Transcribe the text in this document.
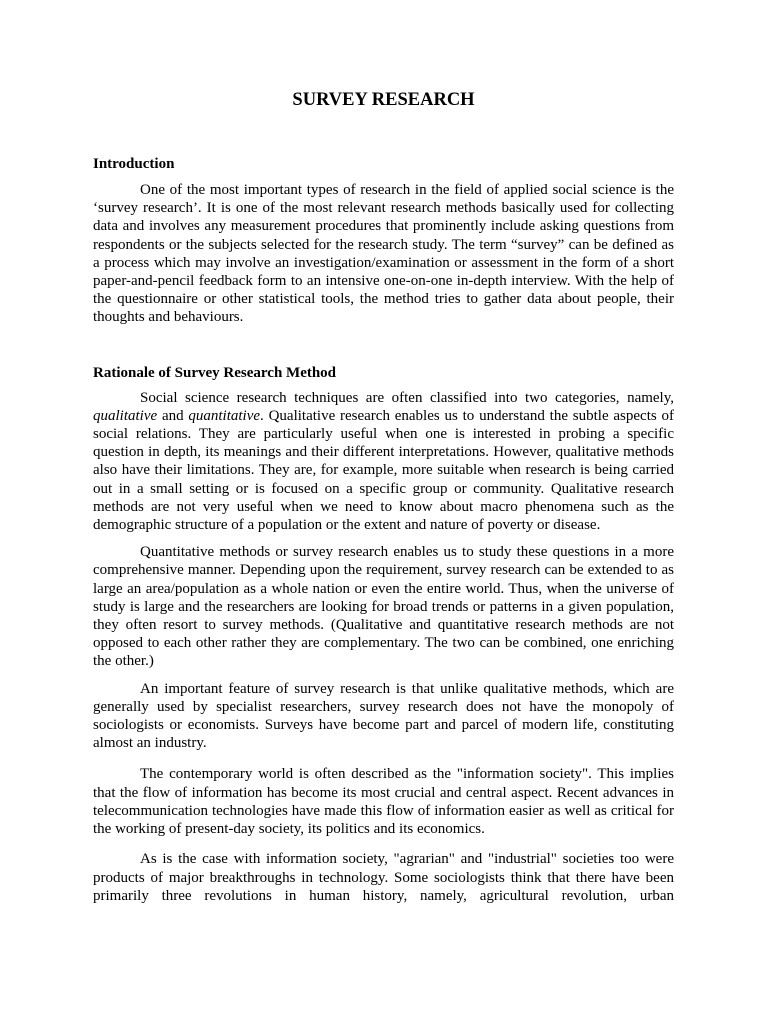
SURVEY RESEARCH
Introduction

One of the most important types of research in the field of applied social science is the ‘survey research’. It is one of the most relevant research methods basically used for collecting data and involves any measurement procedures that prominently include asking questions from respondents or the subjects selected for the research study. The term “survey” can be defined as a process which may involve an investigation/examination or assessment in the form of a short paper-and-pencil feedback form to an intensive one-on-one in-depth interview. With the help of the questionnaire or other statistical tools, the method tries to gather data about people, their thoughts and behaviours.

Rationale of Survey Research Method

Social science research techniques are often classified into two categories, namely, qualitative and quantitative. Qualitative research enables us to understand the subtle aspects of social relations. They are particularly useful when one is interested in probing a specific question in depth, its meanings and their different interpretations. However, qualitative methods also have their limitations. They are, for example, more suitable when research is being carried out in a small setting or is focused on a specific group or community. Qualitative research methods are not very useful when we need to know about macro phenomena such as the demographic structure of a population or the extent and nature of poverty or disease.

Quantitative methods or survey research enables us to study these questions in a more comprehensive manner. Depending upon the requirement, survey research can be extended to as large an area/population as a whole nation or even the entire world. Thus, when the universe of study is large and the researchers are looking for broad trends or patterns in a given population, they often resort to survey methods. (Qualitative and quantitative research methods are not opposed to each other rather they are complementary. The two can be combined, one enriching the other.)

An important feature of survey research is that unlike qualitative methods, which are generally used by specialist researchers, survey research does not have the monopoly of sociologists or economists. Surveys have become part and parcel of modern life, constituting almost an industry.

The contemporary world is often described as the "information society". This implies that the flow of information has become its most crucial and central aspect. Recent advances in telecommunication technologies have made this flow of information easier as well as critical for the working of present-day society, its politics and its economics.

As is the case with information society, "agrarian" and "industrial" societies too were products of major breakthroughs in technology. Some sociologists think that there have been primarily three revolutions in human history, namely, agricultural revolution, urban
